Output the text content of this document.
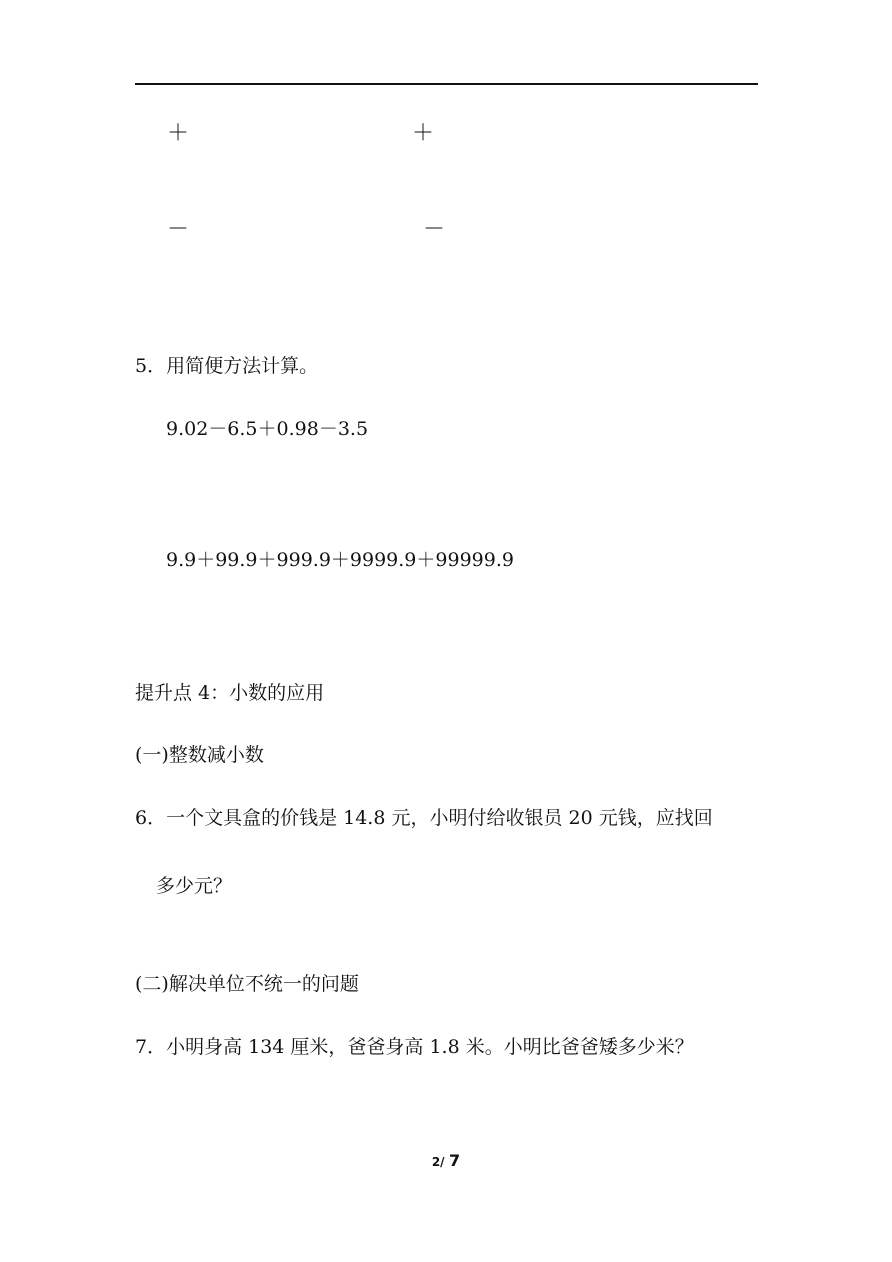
＋	＋
－	－
5．用简便方法计算。
9.02－6.5＋0.98－3.5
9.9＋99.9＋999.9＋9999.9＋99999.9
提升点 4：小数的应用
(一)整数减小数
6．一个文具盒的价钱是 14.8 元，小明付给收银员 20 元钱，应找回
多少元？
(二)解决单位不统一的问题
7．小明身高 134 厘米，爸爸身高 1.8 米。小明比爸爸矮多少米？
2/ 7
